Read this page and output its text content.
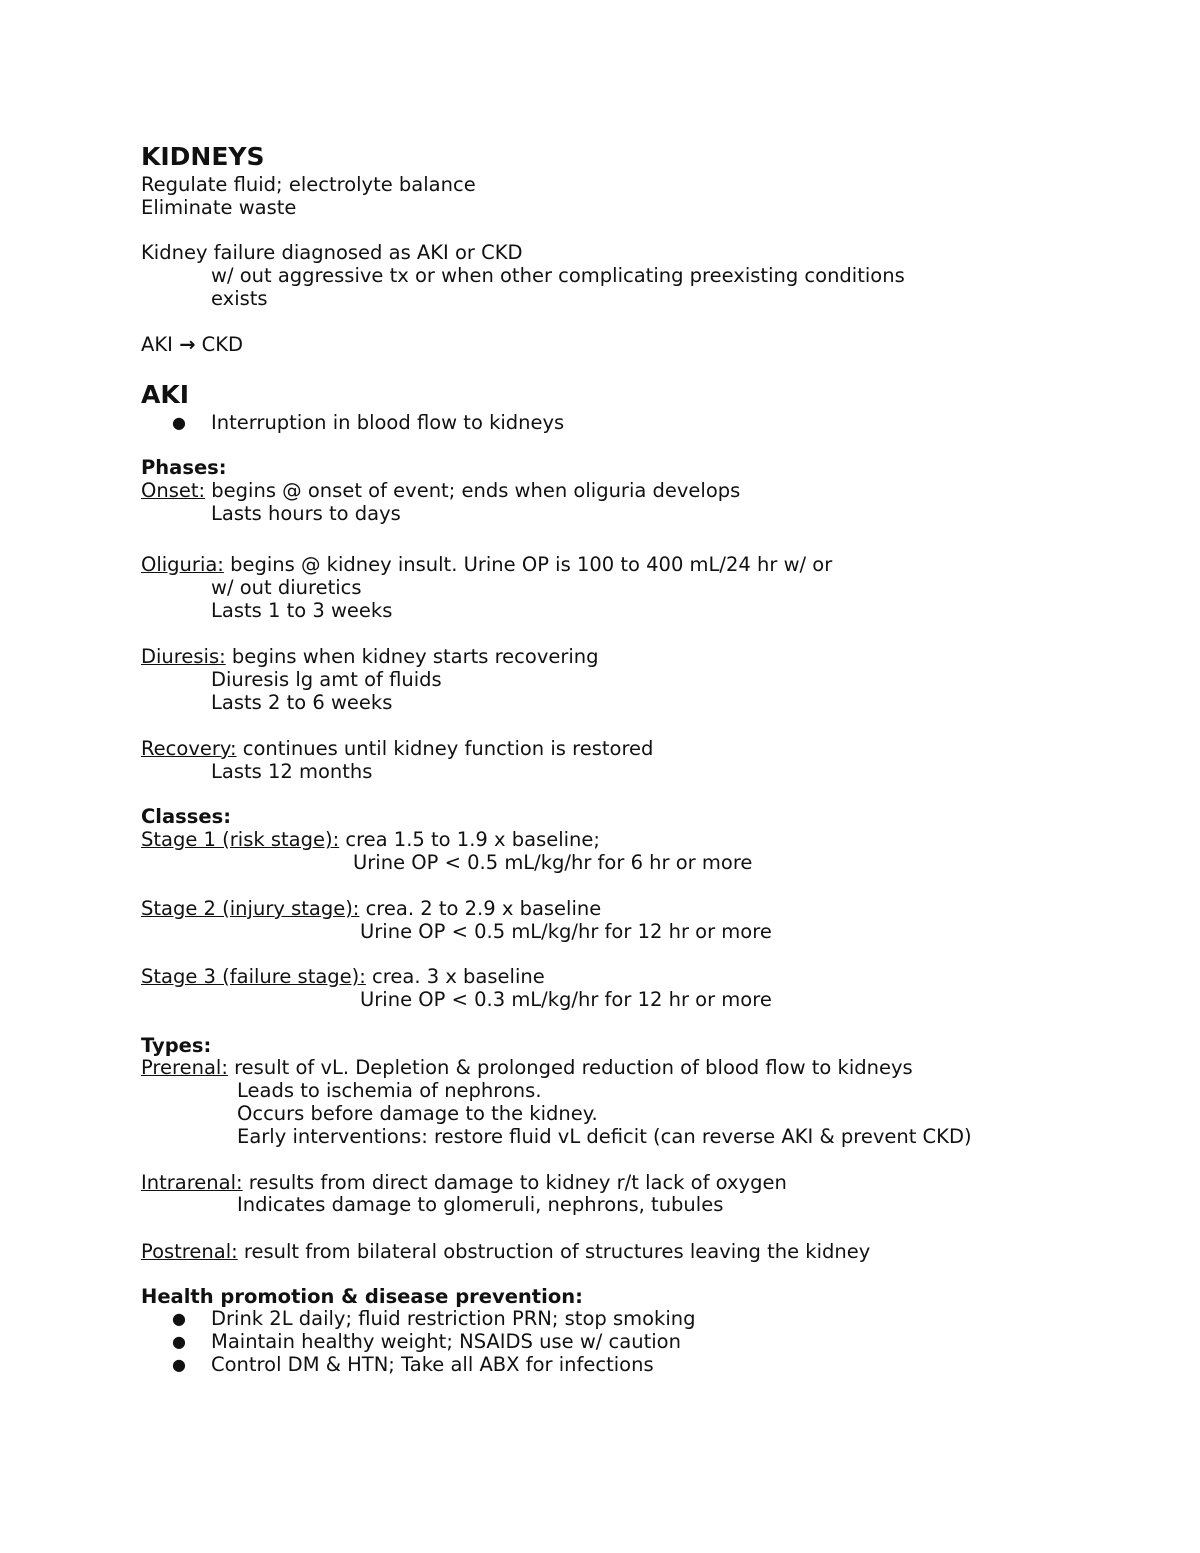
KIDNEYS
Regulate fluid; electrolyte balance
Eliminate waste
Kidney failure diagnosed as AKI or CKD
w/ out aggressive tx or when other complicating preexisting conditions
exists
AKI → CKD
AKI
● Interruption in blood flow to kidneys
Phases:
Onset: begins @ onset of event; ends when oliguria develops
Lasts hours to days
Oliguria: begins @ kidney insult. Urine OP is 100 to 400 mL/24 hr w/ or
w/ out diuretics
Lasts 1 to 3 weeks
Diuresis: begins when kidney starts recovering
Diuresis lg amt of fluids
Lasts 2 to 6 weeks
Recovery: continues until kidney function is restored
Lasts 12 months
Classes:
Stage 1 (risk stage): crea 1.5 to 1.9 x baseline;
Urine OP < 0.5 mL/kg/hr for 6 hr or more
Stage 2 (injury stage): crea. 2 to 2.9 x baseline
Urine OP < 0.5 mL/kg/hr for 12 hr or more
Stage 3 (failure stage): crea. 3 x baseline
Urine OP < 0.3 mL/kg/hr for 12 hr or more
Types:
Prerenal: result of vL. Depletion & prolonged reduction of blood flow to kidneys
Leads to ischemia of nephrons.
Occurs before damage to the kidney.
Early interventions: restore fluid vL deficit (can reverse AKI & prevent CKD)
Intrarenal: results from direct damage to kidney r/t lack of oxygen
Indicates damage to glomeruli, nephrons, tubules
Postrenal: result from bilateral obstruction of structures leaving the kidney
Health promotion & disease prevention:
● Drink 2L daily; fluid restriction PRN; stop smoking
● Maintain healthy weight; NSAIDS use w/ caution
● Control DM & HTN; Take all ABX for infections
